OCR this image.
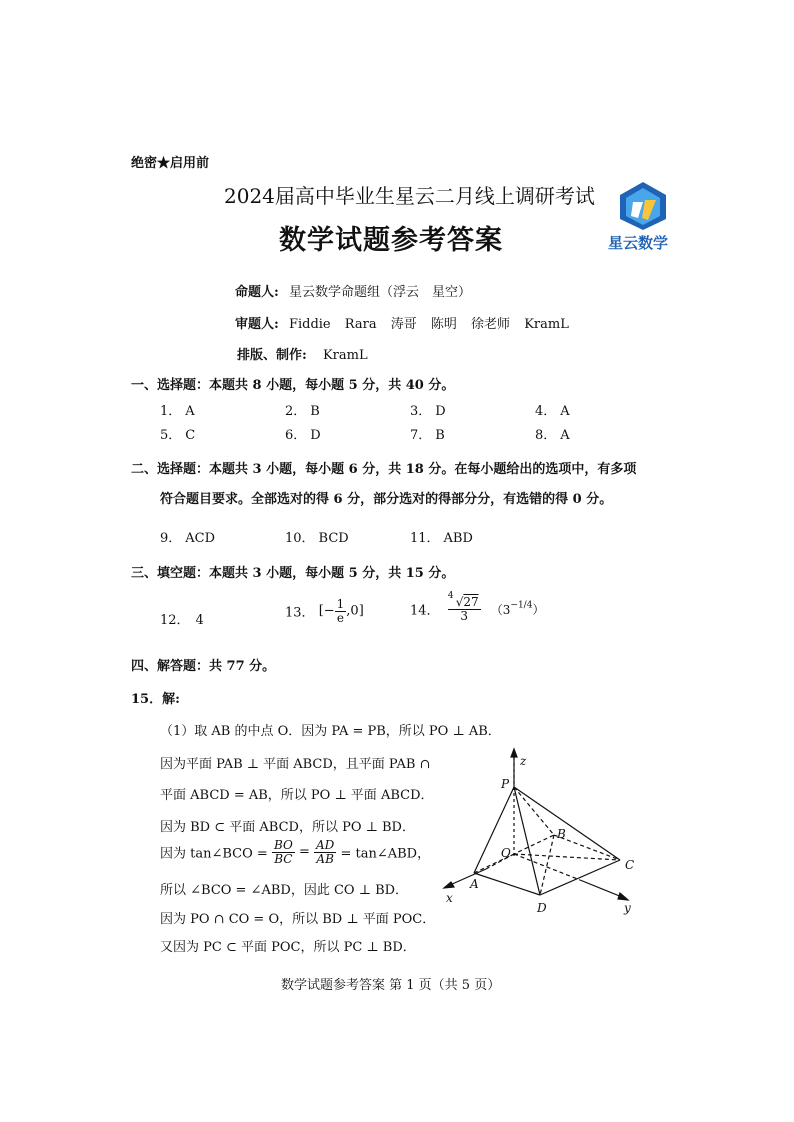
绝密★启用前
2024届高中毕业生星云二月线上调研考试
数学试题参考答案	星云数学
命题人: 星云数学命题组（浮云　星空）
审题人: Fiddie Rara 涛哥 陈明 徐老师 KramL
排版、制作: KramL
一、选择题：本题共 8 小题，每小题 5 分，共 40 分。
1． A	2． B	3． D	4． A
5． C	6． D	7． B	8． A
二、选择题：本题共 3 小题，每小题 6 分，共 18 分。在每小题给出的选项中，有多项
符合题目要求。全部选对的得 6 分，部分选对的得部分分，有选错的得 0 分。
9． ACD	10． BCD	11． ABD
三、填空题：本题共 3 小题，每小题 5 分，共 15 分。
12． 4	13． [− $\frac{1}{e} ,0$]	14． $\frac{4 √27}{3} (3^{-1/4})$
四、解答题：共 77 分。
15．解:
（1）取 AB 的中点 O．因为 PA = PB，所以 PO ⊥ AB．
因为平面 PAB ⊥ 平面 ABCD，且平面 PAB ∩
平面 ABCD = AB，所以 PO ⊥ 平面 ABCD．
因为 BD ⊂ 平面 ABCD，所以 PO ⊥ BD．
因为 tan∠BCO = $\frac{BO}{BC} = \frac{AD}{AB}$ = tan∠ABD，
所以 ∠BCO = ∠ABD，因此 CO ⊥ BD．
因为 PO ∩ CO = O，所以 BD ⊥ 平面 POC．
又因为 PC ⊂ 平面 POC，所以 PC ⊥ BD．
z
P
B
O
C
A
D
x
y
数学试题参考答案 第 1 页（共 5 页）
